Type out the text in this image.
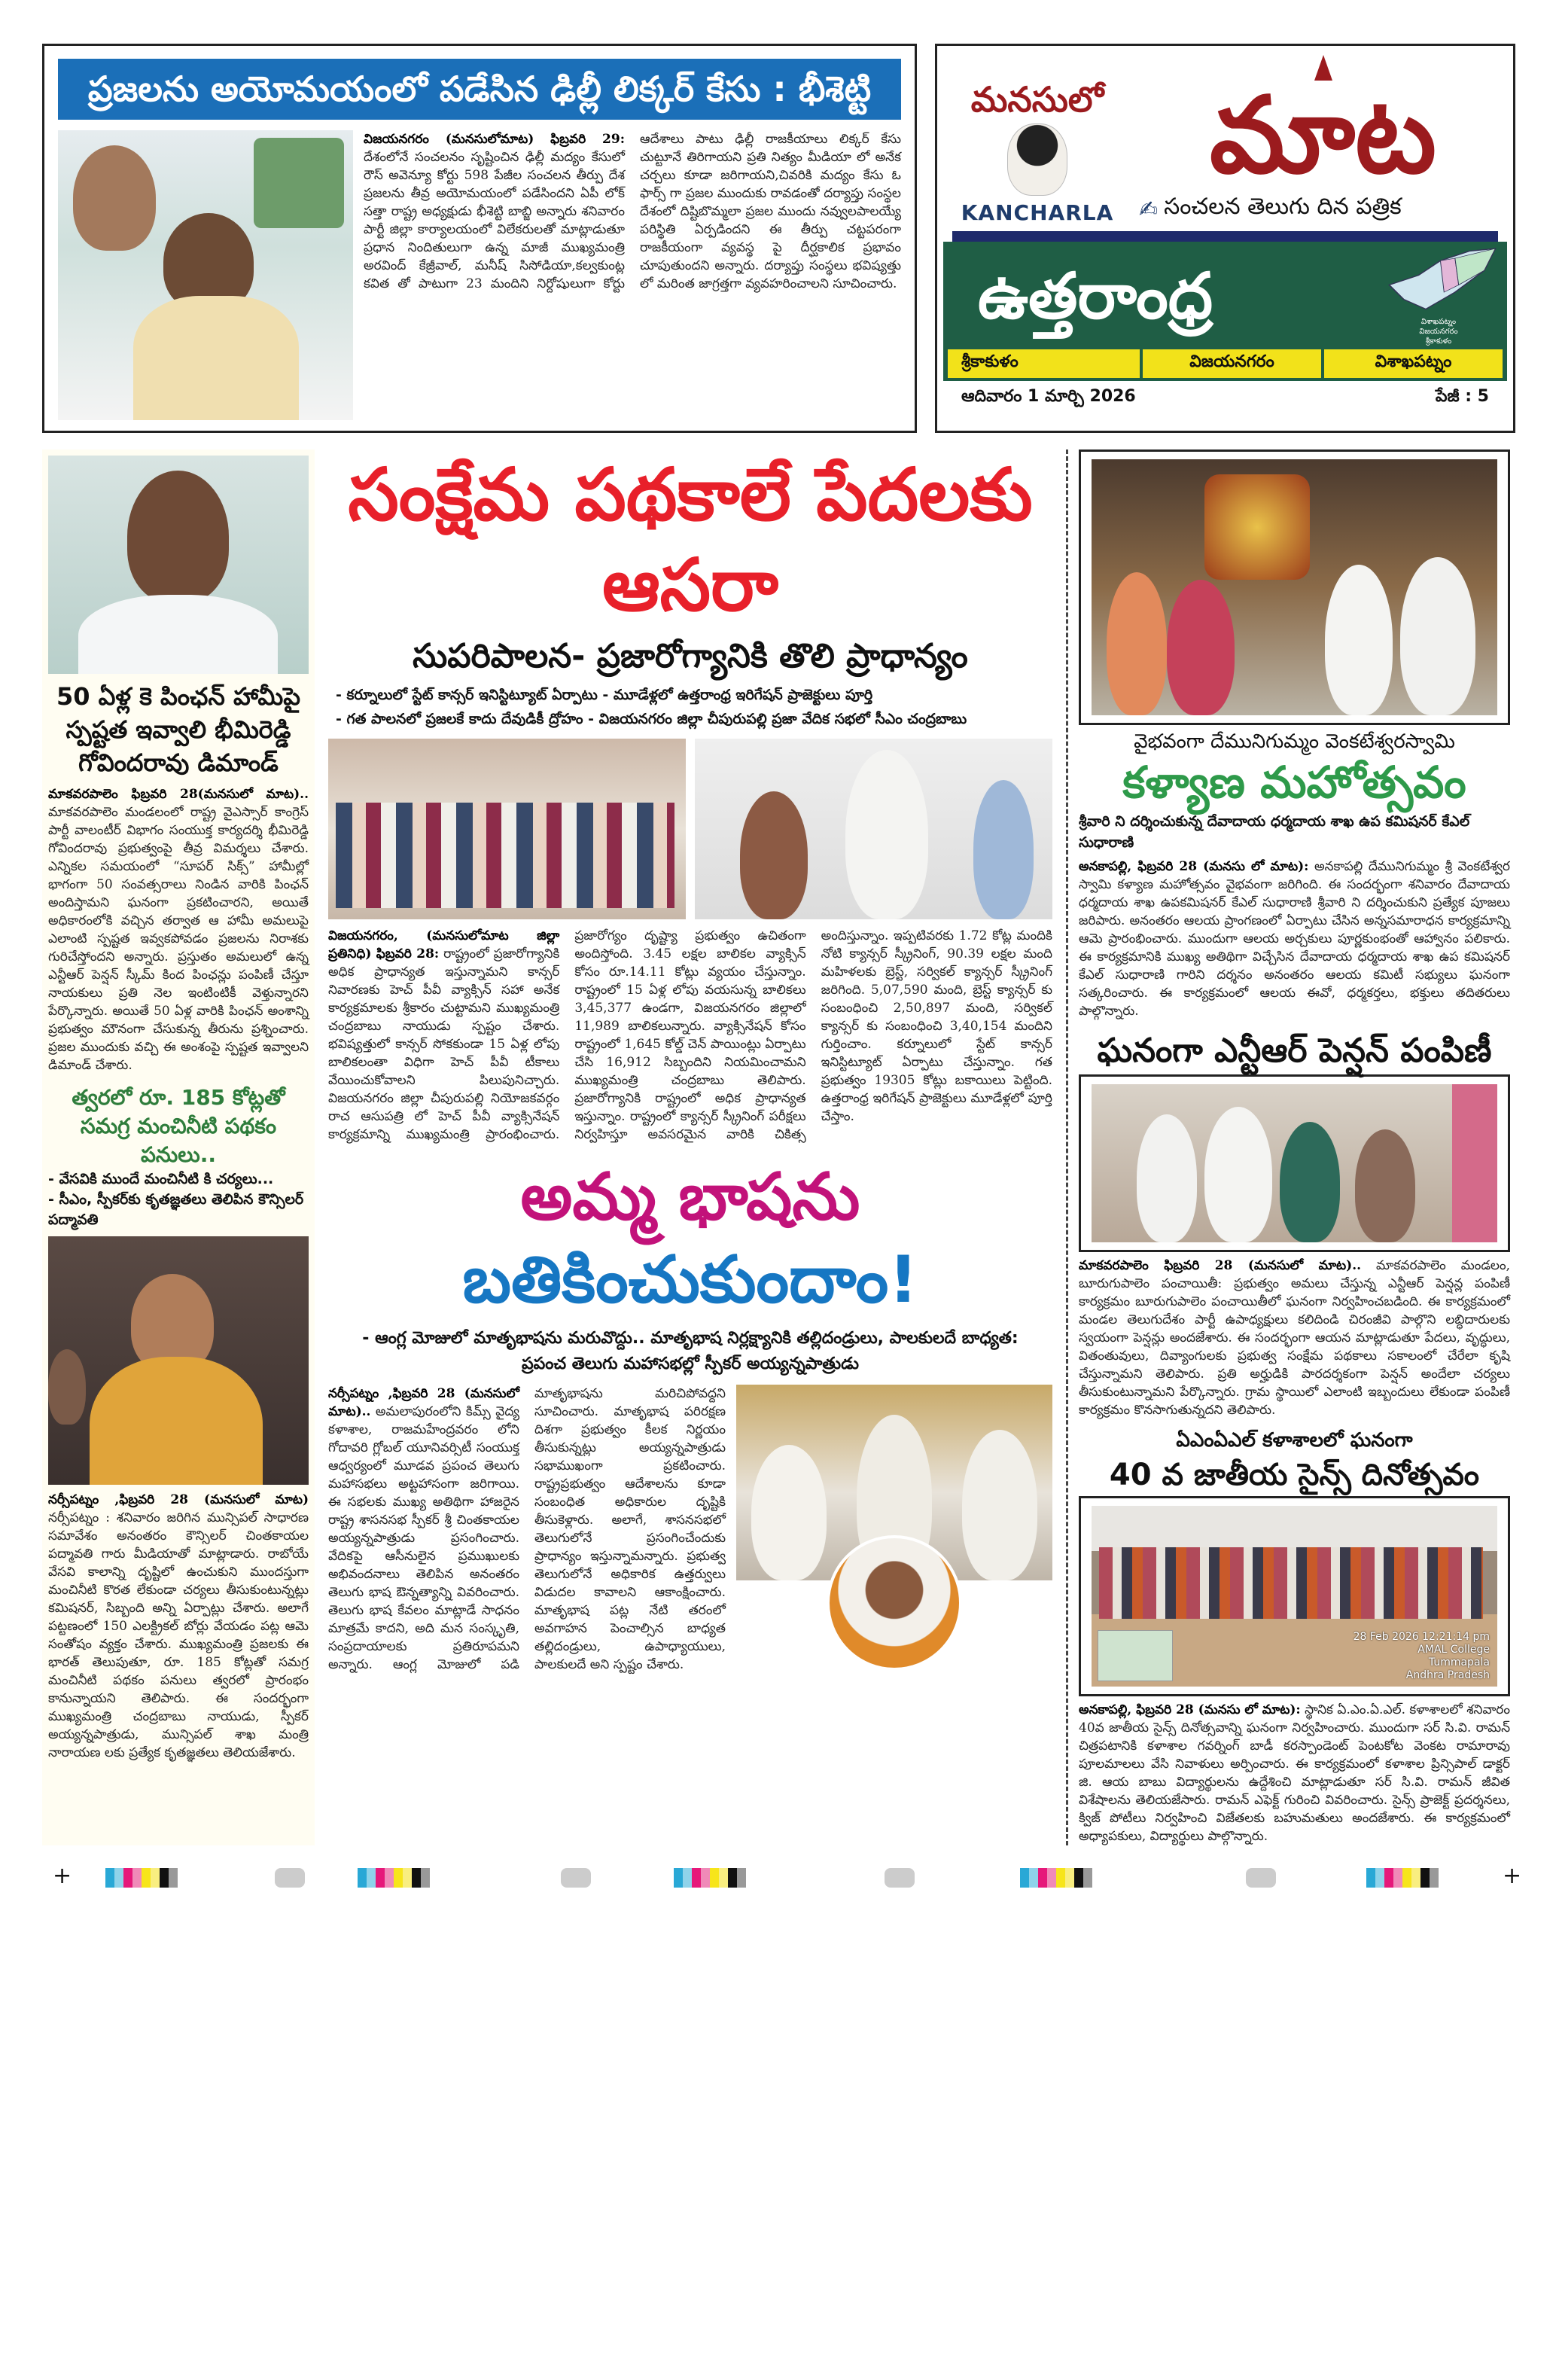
ప్రజలను అయోమయంలో పడేసిన ఢిల్లీ లిక్కర్ కేసు : భీశెట్టి
విజయనగరం (మనసులోమాట) ఫిబ్రవరి 29: దేశంలోనే సంచలనం సృష్టించిన ఢిల్లీ మద్యం కేసులో రౌస్ అవెన్యూ కోర్టు 598 పేజీల సంచలన తీర్పు దేశ ప్రజలను తీవ్ర అయోమయంలో పడేసిందని ఏపీ లోక్ సత్తా రాష్ట్ర అధ్యక్షుడు భీశెట్టి బాబ్జి అన్నారు శనివారం పార్టీ జిల్లా కార్యాలయంలో విలేకరులతో మాట్లాడుతూ ప్రధాన నిందితులుగా ఉన్న మాజీ ముఖ్యమంత్రి అరవింద్ కేజ్రీవాల్, మనీష్ సిసోడియా,కల్వకుంట్ల కవిత తో పాటుగా 23 మందిని నిర్దోషులుగా కోర్టు ఆదేశాలు పాటు ఢిల్లీ రాజకీయాలు లిక్కర్ కేసు చుట్టూనే తిరిగాయని ప్రతి నిత్యం మీడియా లో అనేక చర్చలు కూడా జరిగాయని,చివరికి మద్యం కేసు ఓ ఫార్స్ గా ప్రజల ముందుకు రావడంతో దర్యాప్తు సంస్థల దేశంలో దిష్టిబొమ్మలా ప్రజల ముందు నవ్వులపాలయ్యే పరిస్థితి ఏర్పడిందని ఈ తీర్పు చట్టపరంగా రాజకీయంగా వ్యవస్థ పై దీర్ఘకాలిక ప్రభావం చూపుతుందని అన్నారు. దర్యాప్తు సంస్థలు భవిష్యత్తు లో మరింత జాగ్రత్తగా వ్యవహరించాలని సూచించారు.
మనసులో
KANCHARLA
మాట
✍ సంచలన తెలుగు దిన పత్రిక
ఉత్తరాంధ్ర	విశాఖపట్నం
విజయనగరం
శ్రీకాకుళం
శ్రీకాకుళం	విజయనగరం	విశాఖపట్నం
ఆదివారం 1 మార్చి 2026	పేజీ : 5
50 ఏళ్ల కె పింఛన్ హామీపై స్పష్టత ఇవ్వాలి భీమిరెడ్డి గోవిందరావు డిమాండ్
మాకవరపాలెం ఫిబ్రవరి 28(మనసులో మాట).. మాకవరపాలెం మండలంలో రాష్ట్ర వైఎస్సార్ కాంగ్రెస్ పార్టీ వాలంటీర్ విభాగం సంయుక్త కార్యదర్శి భీమిరెడ్డి గోవిందరావు ప్రభుత్వంపై తీవ్ర విమర్శలు చేశారు. ఎన్నికల సమయంలో “సూపర్ సిక్స్” హామీల్లో భాగంగా 50 సంవత్సరాలు నిండిన వారికి పింఛన్ అందిస్తామని ఘనంగా ప్రకటించారని, అయితే అధికారంలోకి వచ్చిన తర్వాత ఆ హామీ అమలుపై ఎలాంటి స్పష్టత ఇవ్వకపోవడం ప్రజలను నిరాశకు గురిచేస్తోందని అన్నారు. ప్రస్తుతం అమలులో ఉన్న ఎన్టీఆర్ పెన్షన్ స్కీమ్ కింద పింఛన్లు పంపిణీ చేస్తూ నాయకులు ప్రతి నెల ఇంటింటికీ వెళ్తున్నారని పేర్కొన్నారు. అయితే 50 ఏళ్ల వారికి పింఛన్ అంశాన్ని ప్రభుత్వం మౌనంగా చేసుకున్న తీరును ప్రశ్నించారు. ప్రజల ముందుకు వచ్చి ఈ అంశంపై స్పష్టత ఇవ్వాలని డిమాండ్ చేశారు.
త్వరలో రూ. 185 కోట్లతో సమగ్ర మంచినీటి పథకం పనులు..
- వేసవికి ముందే మంచినీటి కి చర్యలు...
- సీఎం, స్పీకర్‌కు కృతజ్ఞతలు తెలిపిన కౌన్సిలర్ పద్మావతి
నర్సీపట్నం ,ఫిబ్రవరి 28 (మనసులో మాట) నర్సీపట్నం : శనివారం జరిగిన మున్సిపల్ సాధారణ సమావేశం అనంతరం కౌన్సిలర్ చింతకాయల పద్మావతి గారు మీడియాతో మాట్లాడారు. రాబోయే వేసవి కాలాన్ని దృష్టిలో ఉంచుకుని ముందస్తుగా మంచినీటి కొరత లేకుండా చర్యలు తీసుకుంటున్నట్లు కమిషనర్, సిబ్బంది అన్ని ఏర్పాట్లు చేశారు. అలాగే పట్టణంలో 150 ఎలక్ట్రికల్ బోర్లు వేయడం పట్ల ఆమె సంతోషం వ్యక్తం చేశారు. ముఖ్యమంత్రి ప్రజలకు ఈ భారత్ తెలుపుతూ, రూ. 185 కోట్లతో సమగ్ర మంచినీటి పథకం పనులు త్వరలో ప్రారంభం కానున్నాయని తెలిపారు. ఈ సందర్భంగా ముఖ్యమంత్రి చంద్రబాబు నాయుడు, స్పీకర్ అయ్యన్నపాత్రుడు, మున్సిపల్ శాఖ మంత్రి నారాయణ లకు ప్రత్యేక కృతజ్ఞతలు తెలియజేశారు.
సంక్షేమ పథకాలే పేదలకు ఆసరా
సుపరిపాలన- ప్రజారోగ్యానికి తొలి ప్రాధాన్యం
- కర్నూలులో స్టేట్ కాన్సర్ ఇనిస్టిట్యూట్ ఏర్పాటు - మూడేళ్లలో ఉత్తరాంధ్ర ఇరిగేషన్ ప్రాజెక్టులు పూర్తి
- గత పాలనలో ప్రజలకే కాదు దేవుడికీ ద్రోహం - విజయనగరం జిల్లా చీపురుపల్లి ప్రజా వేదిక సభలో సీఎం చంద్రబాబు
విజయనగరం, (మనసులోమాట జిల్లా ప్రతినిధి) ఫిబ్రవరి 28: రాష్ట్రంలో ప్రజారోగ్యానికి అధిక ప్రాధాన్యత ఇస్తున్నామని కాన్సర్ నివారణకు హెచ్ పీవీ వ్యాక్సిన్ సహా అనేక కార్యక్రమాలకు శ్రీకారం చుట్టామని ముఖ్యమంత్రి చంద్రబాబు నాయుడు స్పష్టం చేశారు. భవిష్యత్తులో కాన్సర్ సోకకుండా 15 ఏళ్ల లోపు బాలికలంతా విధిగా హెచ్ పీవీ టీకాలు వేయించుకోవాలని పిలుపునిచ్చారు. విజయనగరం జిల్లా చీపురుపల్లి నియోజకవర్గం రాచ ఆసుపత్రి లో హెచ్ పీవీ వ్యాక్సినేషన్ కార్యక్రమాన్ని ముఖ్యమంత్రి ప్రారంభించారు. ప్రజారోగ్యం దృష్ట్యా ప్రభుత్వం ఉచితంగా అందిస్తోంది. 3.45 లక్షల బాలికల వ్యాక్సిన్ కోసం రూ.14.11 కోట్లు వ్యయం చేస్తున్నాం. రాష్ట్రంలో 15 ఏళ్ల లోపు వయసున్న బాలికలు 3,45,377 ఉండగా, విజయనగరం జిల్లాలో 11,989 బాలికలున్నారు. వ్యాక్సినేషన్ కోసం రాష్ట్రంలో 1,645 కోల్డ్ చెన్ పాయింట్లు ఏర్పాటు చేసి 16,912 సిబ్బందిని నియమించామని ముఖ్యమంత్రి చంద్రబాబు తెలిపారు. ప్రజారోగ్యానికి రాష్ట్రంలో అధిక ప్రాధాన్యత ఇస్తున్నాం. రాష్ట్రంలో క్యాన్సర్ స్క్రీనింగ్ పరీక్షలు నిర్వహిస్తూ అవసరమైన వారికి చికిత్స అందిస్తున్నాం. ఇప్పటివరకు 1.72 కోట్ల మందికి నోటి క్యాన్సర్ స్క్రీనింగ్, 90.39 లక్షల మంది మహిళలకు బ్రెస్ట్, సర్వికల్ క్యాన్సర్ స్క్రీనింగ్ జరిగింది. 5,07,590 మంది, బ్రెస్ట్ క్యాన్సర్ కు సంబంధించి 2,50,897 మంది, సర్వికల్ క్యాన్సర్ కు సంబంధించి 3,40,154 మందిని గుర్తించాం. కర్నూలులో స్టేట్ కాన్సర్ ఇనిస్టిట్యూట్ ఏర్పాటు చేస్తున్నాం. గత ప్రభుత్వం 19305 కోట్లు బకాయిలు పెట్టింది. ఉత్తరాంధ్ర ఇరిగేషన్ ప్రాజెక్టులు మూడేళ్లలో పూర్తి చేస్తాం.
అమ్మ భాషను బతికించుకుందాం!
- ఆంగ్ల మోజులో మాతృభాషను మరువొద్దు.. మాతృభాష నిర్లక్ష్యానికి తల్లిదండ్రులు, పాలకులదే బాధ్యత: ప్రపంచ తెలుగు మహాసభల్లో స్పీకర్ అయ్యన్నపాత్రుడు
నర్సీపట్నం ,ఫిబ్రవరి 28 (మనసులో మాట).. అమలాపురంలోని కిమ్స్ వైద్య కళాశాల, రాజమహేంద్రవరం లోని గోదావరి గ్లోబల్ యూనివర్సిటీ సంయుక్త ఆధ్వర్యంలో మూడవ ప్రపంచ తెలుగు మహాసభలు అట్టహాసంగా జరిగాయి. ఈ సభలకు ముఖ్య అతిథిగా హాజరైన రాష్ట్ర శాసనసభ స్పీకర్ శ్రీ చింతకాయల అయ్యన్నపాత్రుడు ప్రసంగించారు. వేదికపై ఆసీనులైన ప్రముఖులకు అభివందనాలు తెలిపిన అనంతరం తెలుగు భాష ఔన్నత్యాన్ని వివరించారు. తెలుగు భాష కేవలం మాట్లాడే సాధనం మాత్రమే కాదని, అది మన సంస్కృతి, సంప్రదాయాలకు ప్రతిరూపమని అన్నారు. ఆంగ్ల మోజులో పడి మాతృభాషను మరిచిపోవద్దని సూచించారు. మాతృభాష పరిరక్షణ దిశగా ప్రభుత్వం కీలక నిర్ణయం తీసుకున్నట్లు అయ్యన్నపాత్రుడు సభాముఖంగా ప్రకటించారు. రాష్ట్రప్రభుత్వం ఆదేశాలను కూడా సంబంధిత అధికారుల దృష్టికి తీసుకెళ్లారు. అలాగే, శాసనసభలో తెలుగులోనే ప్రసంగించేందుకు ప్రాధాన్యం ఇస్తున్నామన్నారు. ప్రభుత్వ తెలుగులోనే అధికారిక ఉత్తర్వులు విడుదల కావాలని ఆకాంక్షించారు. మాతృభాష పట్ల నేటి తరంలో అవగాహన పెంచాల్సిన బాధ్యత తల్లిదండ్రులు, ఉపాధ్యాయులు, పాలకులదే అని స్పష్టం చేశారు.
వైభవంగా దేమునిగుమ్మం వెంకటేశ్వరస్వామి
కళ్యాణ మహోత్సవం
శ్రీవారి ని దర్శించుకున్న దేవాదాయ ధర్మదాయ శాఖ ఉప కమిషనర్ కేఎల్ సుధారాణి
అనకాపల్లి, ఫిబ్రవరి 28 (మనసు లో మాట): అనకాపల్లి దేమునిగుమ్మం శ్రీ వెంకటేశ్వర స్వామి కళ్యాణ మహోత్సవం వైభవంగా జరిగింది. ఈ సందర్భంగా శనివారం దేవాదాయ ధర్మదాయ శాఖ ఉపకమిషనర్ కేఎల్ సుధారాణి శ్రీవారి ని దర్శించుకుని ప్రత్యేక పూజలు జరిపారు. అనంతరం ఆలయ ప్రాంగణంలో ఏర్పాటు చేసిన అన్నసమారాధన కార్యక్రమాన్ని ఆమె ప్రారంభించారు. ముందుగా ఆలయ అర్చకులు పూర్ణకుంభంతో ఆహ్వానం పలికారు. ఈ కార్యక్రమానికి ముఖ్య అతిథిగా విచ్చేసిన దేవాదాయ ధర్మదాయ శాఖ ఉప కమిషనర్ కేఎల్ సుధారాణి గారిని దర్శనం అనంతరం ఆలయ కమిటీ సభ్యులు ఘనంగా సత్కరించారు. ఈ కార్యక్రమంలో ఆలయ ఈవో, ధర్మకర్తలు, భక్తులు తదితరులు పాల్గొన్నారు.
ఘనంగా ఎన్టీఆర్ పెన్షన్ పంపిణీ
మాకవరపాలెం ఫిబ్రవరి 28 (మనసులో మాట).. మాకవరపాలెం మండలం, బూరుగుపాలెం పంచాయితీ: ప్రభుత్వం అమలు చేస్తున్న ఎన్టీఆర్ పెన్షన్ల పంపిణీ కార్యక్రమం బూరుగుపాలెం పంచాయితీలో ఘనంగా నిర్వహించబడింది. ఈ కార్యక్రమంలో మండల తెలుగుదేశం పార్టీ ఉపాధ్యక్షులు కలిదిండి చిరంజీవి పాల్గొని లబ్ధిదారులకు స్వయంగా పెన్షన్లు అందజేశారు. ఈ సందర్భంగా ఆయన మాట్లాడుతూ పేదలు, వృద్ధులు, వితంతువులు, దివ్యాంగులకు ప్రభుత్వ సంక్షేమ పథకాలు సకాలంలో చేరేలా కృషి చేస్తున్నామని తెలిపారు. ప్రతి అర్హుడికి పారదర్శకంగా పెన్షన్ అందేలా చర్యలు తీసుకుంటున్నామని పేర్కొన్నారు. గ్రామ స్థాయిలో ఎలాంటి ఇబ్బందులు లేకుండా పంపిణీ కార్యక్రమం కొనసాగుతున్నదని తెలిపారు.
ఏఎంఏఎల్ కళాశాలలో ఘనంగా
40 వ జాతీయ సైన్స్ దినోత్సవం
28 Feb 2026 12:21:14 pm
AMAL College
Tummapala
Andhra Pradesh
అనకాపల్లి, ఫిబ్రవరి 28 (మనసు లో మాట): స్థానిక ఏ.ఎం.ఏ.ఎల్. కళాశాలలో శనివారం 40వ జాతీయ సైన్స్ దినోత్సవాన్ని ఘనంగా నిర్వహించారు. ముందుగా సర్ సి.వి. రామన్ చిత్రపటానికి కళాశాల గవర్నింగ్ బాడీ కరస్పాండెంట్ పెంటకోట వెంకట రామారావు పూలమాలలు వేసి నివాళులు అర్పించారు. ఈ కార్యక్రమంలో కళాశాల ప్రిన్సిపాల్ డాక్టర్ జి. ఆయ బాబు విద్యార్థులను ఉద్దేశించి మాట్లాడుతూ సర్ సి.వి. రామన్ జీవిత విశేషాలను తెలియజేసారు. రామన్ ఎఫెక్ట్ గురించి వివరించారు. సైన్స్ ప్రాజెక్ట్ ప్రదర్శనలు, క్విజ్ పోటీలు నిర్వహించి విజేతలకు బహుమతులు అందజేశారు. ఈ కార్యక్రమంలో అధ్యాపకులు, విద్యార్థులు పాల్గొన్నారు.
+	+
